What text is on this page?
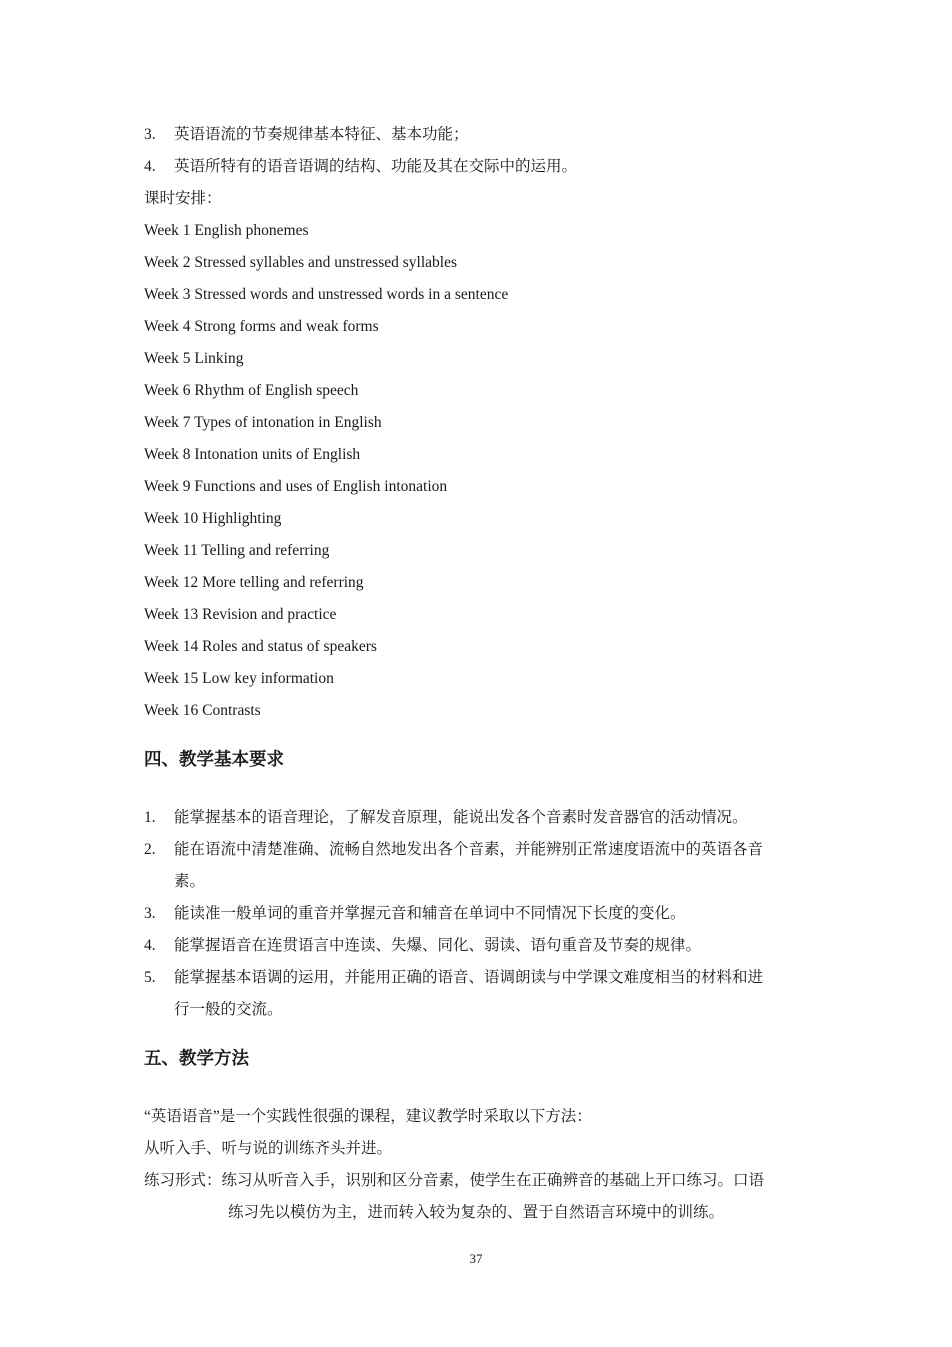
3. 英语语流的节奏规律基本特征、基本功能；
4. 英语所特有的语音语调的结构、功能及其在交际中的运用。
课时安排：
Week 1 English phonemes
Week 2 Stressed syllables and unstressed syllables
Week 3 Stressed words and unstressed words in a sentence
Week 4 Strong forms and weak forms
Week 5 Linking
Week 6 Rhythm of English speech
Week 7 Types of intonation in English
Week 8 Intonation units of English
Week 9 Functions and uses of English intonation
Week 10 Highlighting
Week 11 Telling and referring
Week 12 More telling and referring
Week 13 Revision and practice
Week 14 Roles and status of speakers
Week 15 Low key information
Week 16 Contrasts
四、教学基本要求
1. 能掌握基本的语音理论，了解发音原理，能说出发各个音素时发音器官的活动情况。
2. 能在语流中清楚准确、流畅自然地发出各个音素，并能辨别正常速度语流中的英语各音
素。
3. 能读准一般单词的重音并掌握元音和辅音在单词中不同情况下长度的变化。
4. 能掌握语音在连贯语言中连读、失爆、同化、弱读、语句重音及节奏的规律。
5. 能掌握基本语调的运用，并能用正确的语音、语调朗读与中学课文难度相当的材料和进
行一般的交流。
五、教学方法
“英语语音”是一个实践性很强的课程，建议教学时采取以下方法：
从听入手、听与说的训练齐头并进。
练习形式：练习从听音入手，识别和区分音素，使学生在正确辨音的基础上开口练习。口语
练习先以模仿为主，进而转入较为复杂的、置于自然语言环境中的训练。
37
